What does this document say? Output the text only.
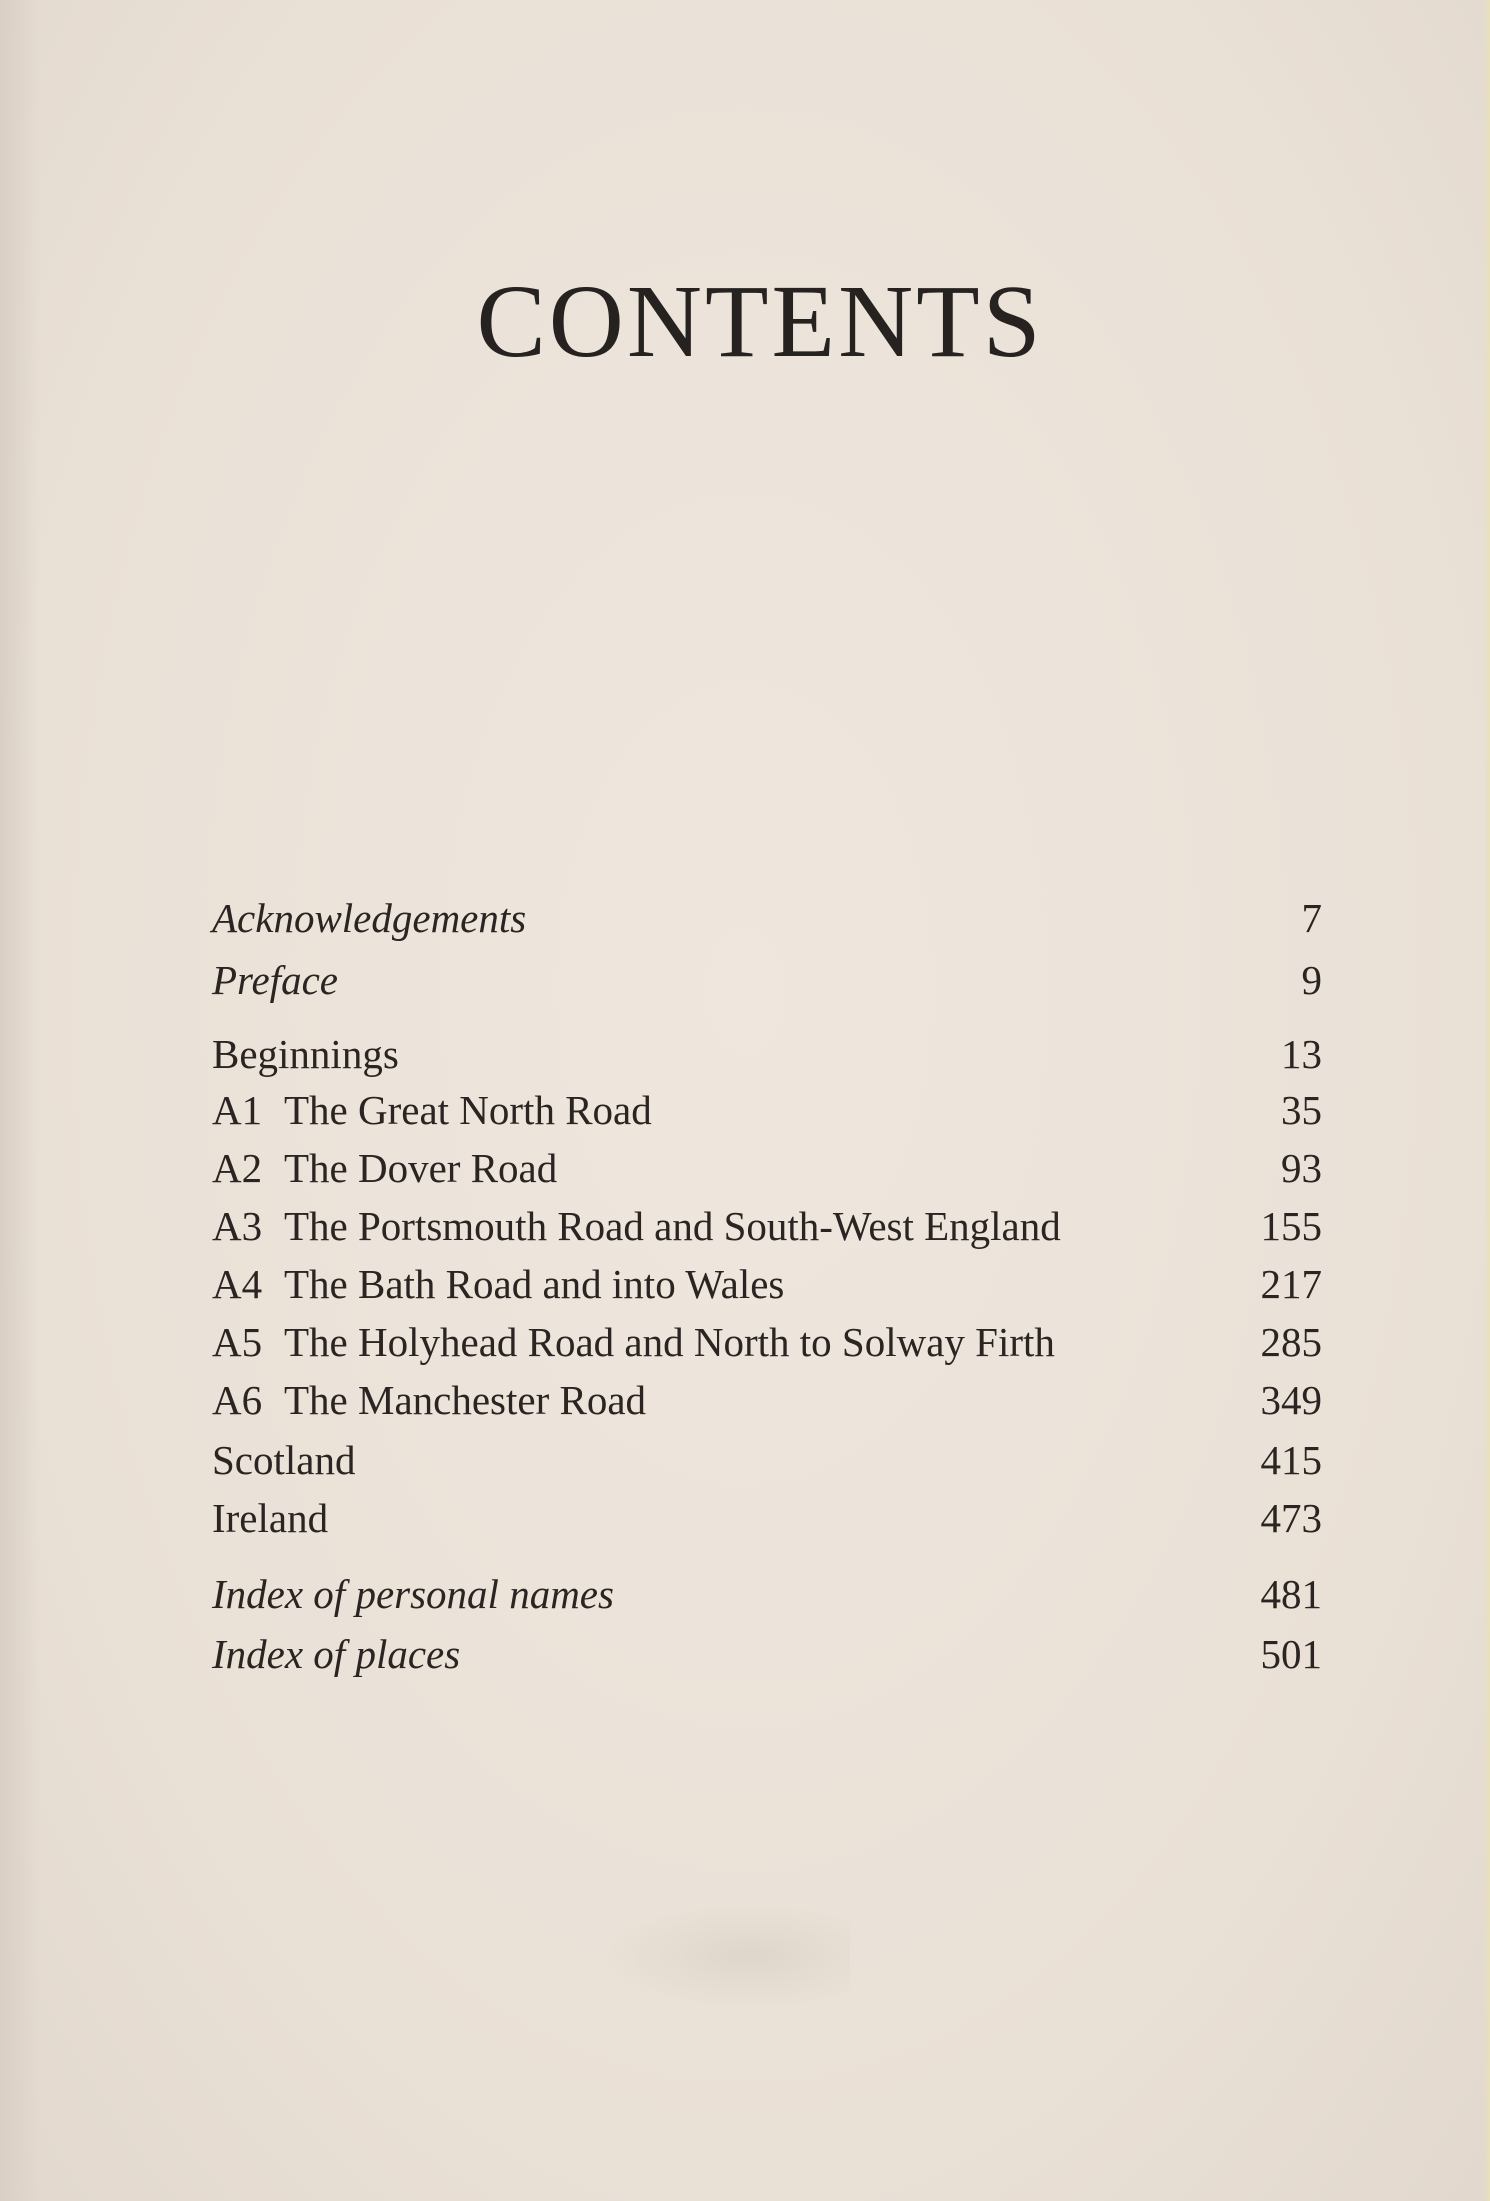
CONTENTS
Acknowledgements	7
Preface	9
Beginnings	13
A1 The Great North Road	35
A2 The Dover Road	93
A3 The Portsmouth Road and South-West England	155
A4 The Bath Road and into Wales	217
A5 The Holyhead Road and North to Solway Firth	285
A6 The Manchester Road	349
Scotland	415
Ireland	473
Index of personal names	481
Index of places	501
